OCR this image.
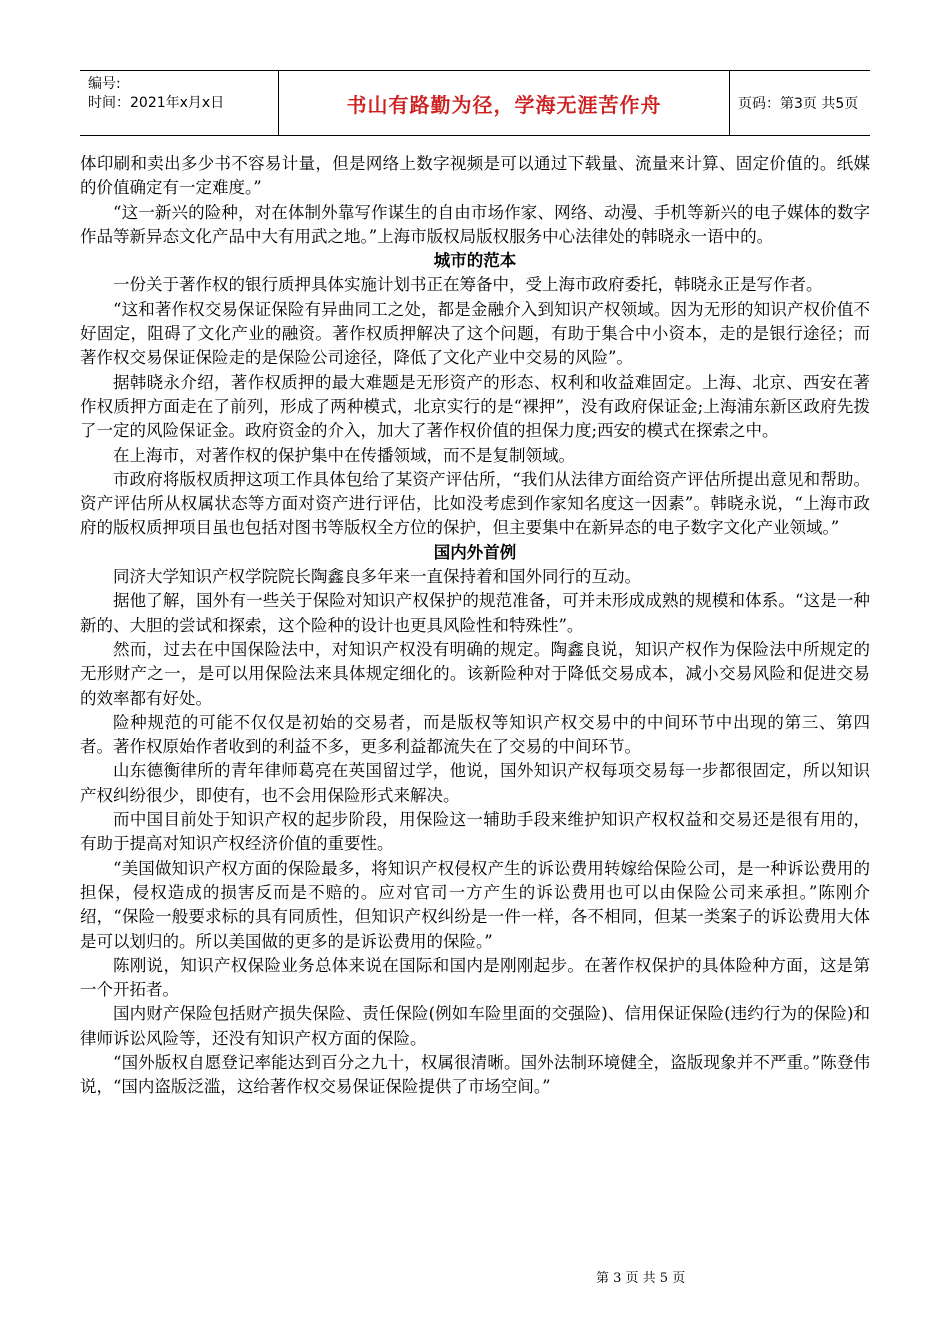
编号:
时间：2021年x月x日	书山有路勤为径，学海无涯苦作舟	页码：第3页 共5页

体印刷和卖出多少书不容易计量，但是网络上数字视频是可以通过下载量、流量来计算、固定价值的。纸媒的价值确定有一定难度。”

“这一新兴的险种，对在体制外靠写作谋生的自由市场作家、网络、动漫、手机等新兴的电子媒体的数字作品等新异态文化产品中大有用武之地。”上海市版权局版权服务中心法律处的韩晓永一语中的。

城市的范本

一份关于著作权的银行质押具体实施计划书正在筹备中，受上海市政府委托，韩晓永正是写作者。

“这和著作权交易保证保险有异曲同工之处，都是金融介入到知识产权领域。因为无形的知识产权价值不好固定，阻碍了文化产业的融资。著作权质押解决了这个问题，有助于集合中小资本，走的是银行途径；而著作权交易保证保险走的是保险公司途径，降低了文化产业中交易的风险”。

据韩晓永介绍，著作权质押的最大难题是无形资产的形态、权利和收益难固定。上海、北京、西安在著作权质押方面走在了前列，形成了两种模式，北京实行的是“裸押”，没有政府保证金;上海浦东新区政府先拨了一定的风险保证金。政府资金的介入，加大了著作权价值的担保力度;西安的模式在探索之中。

在上海市，对著作权的保护集中在传播领域，而不是复制领域。

市政府将版权质押这项工作具体包给了某资产评估所，“我们从法律方面给资产评估所提出意见和帮助。资产评估所从权属状态等方面对资产进行评估，比如没考虑到作家知名度这一因素”。韩晓永说，“上海市政府的版权质押项目虽也包括对图书等版权全方位的保护，但主要集中在新异态的电子数字文化产业领域。”

国内外首例

同济大学知识产权学院院长陶鑫良多年来一直保持着和国外同行的互动。

据他了解，国外有一些关于保险对知识产权保护的规范准备，可并未形成成熟的规模和体系。“这是一种新的、大胆的尝试和探索，这个险种的设计也更具风险性和特殊性”。

然而，过去在中国保险法中，对知识产权没有明确的规定。陶鑫良说，知识产权作为保险法中所规定的无形财产之一，是可以用保险法来具体规定细化的。该新险种对于降低交易成本，减小交易风险和促进交易的效率都有好处。

险种规范的可能不仅仅是初始的交易者，而是版权等知识产权交易中的中间环节中出现的第三、第四者。著作权原始作者收到的利益不多，更多利益都流失在了交易的中间环节。

山东德衡律所的青年律师葛亮在英国留过学，他说，国外知识产权每项交易每一步都很固定，所以知识产权纠纷很少，即使有，也不会用保险形式来解决。

而中国目前处于知识产权的起步阶段，用保险这一辅助手段来维护知识产权权益和交易还是很有用的，有助于提高对知识产权经济价值的重要性。

“美国做知识产权方面的保险最多，将知识产权侵权产生的诉讼费用转嫁给保险公司，是一种诉讼费用的担保，侵权造成的损害反而是不赔的。应对官司一方产生的诉讼费用也可以由保险公司来承担。”陈刚介绍，“保险一般要求标的具有同质性，但知识产权纠纷是一件一样，各不相同，但某一类案子的诉讼费用大体是可以划归的。所以美国做的更多的是诉讼费用的保险。”

陈刚说，知识产权保险业务总体来说在国际和国内是刚刚起步。在著作权保护的具体险种方面，这是第一个开拓者。

国内财产保险包括财产损失保险、责任保险(例如车险里面的交强险)、信用保证保险(违约行为的保险)和律师诉讼风险等，还没有知识产权方面的保险。

“国外版权自愿登记率能达到百分之九十，权属很清晰。国外法制环境健全，盗版现象并不严重。”陈登伟说，“国内盗版泛滥，这给著作权交易保证保险提供了市场空间。”

第 3 页 共 5 页
